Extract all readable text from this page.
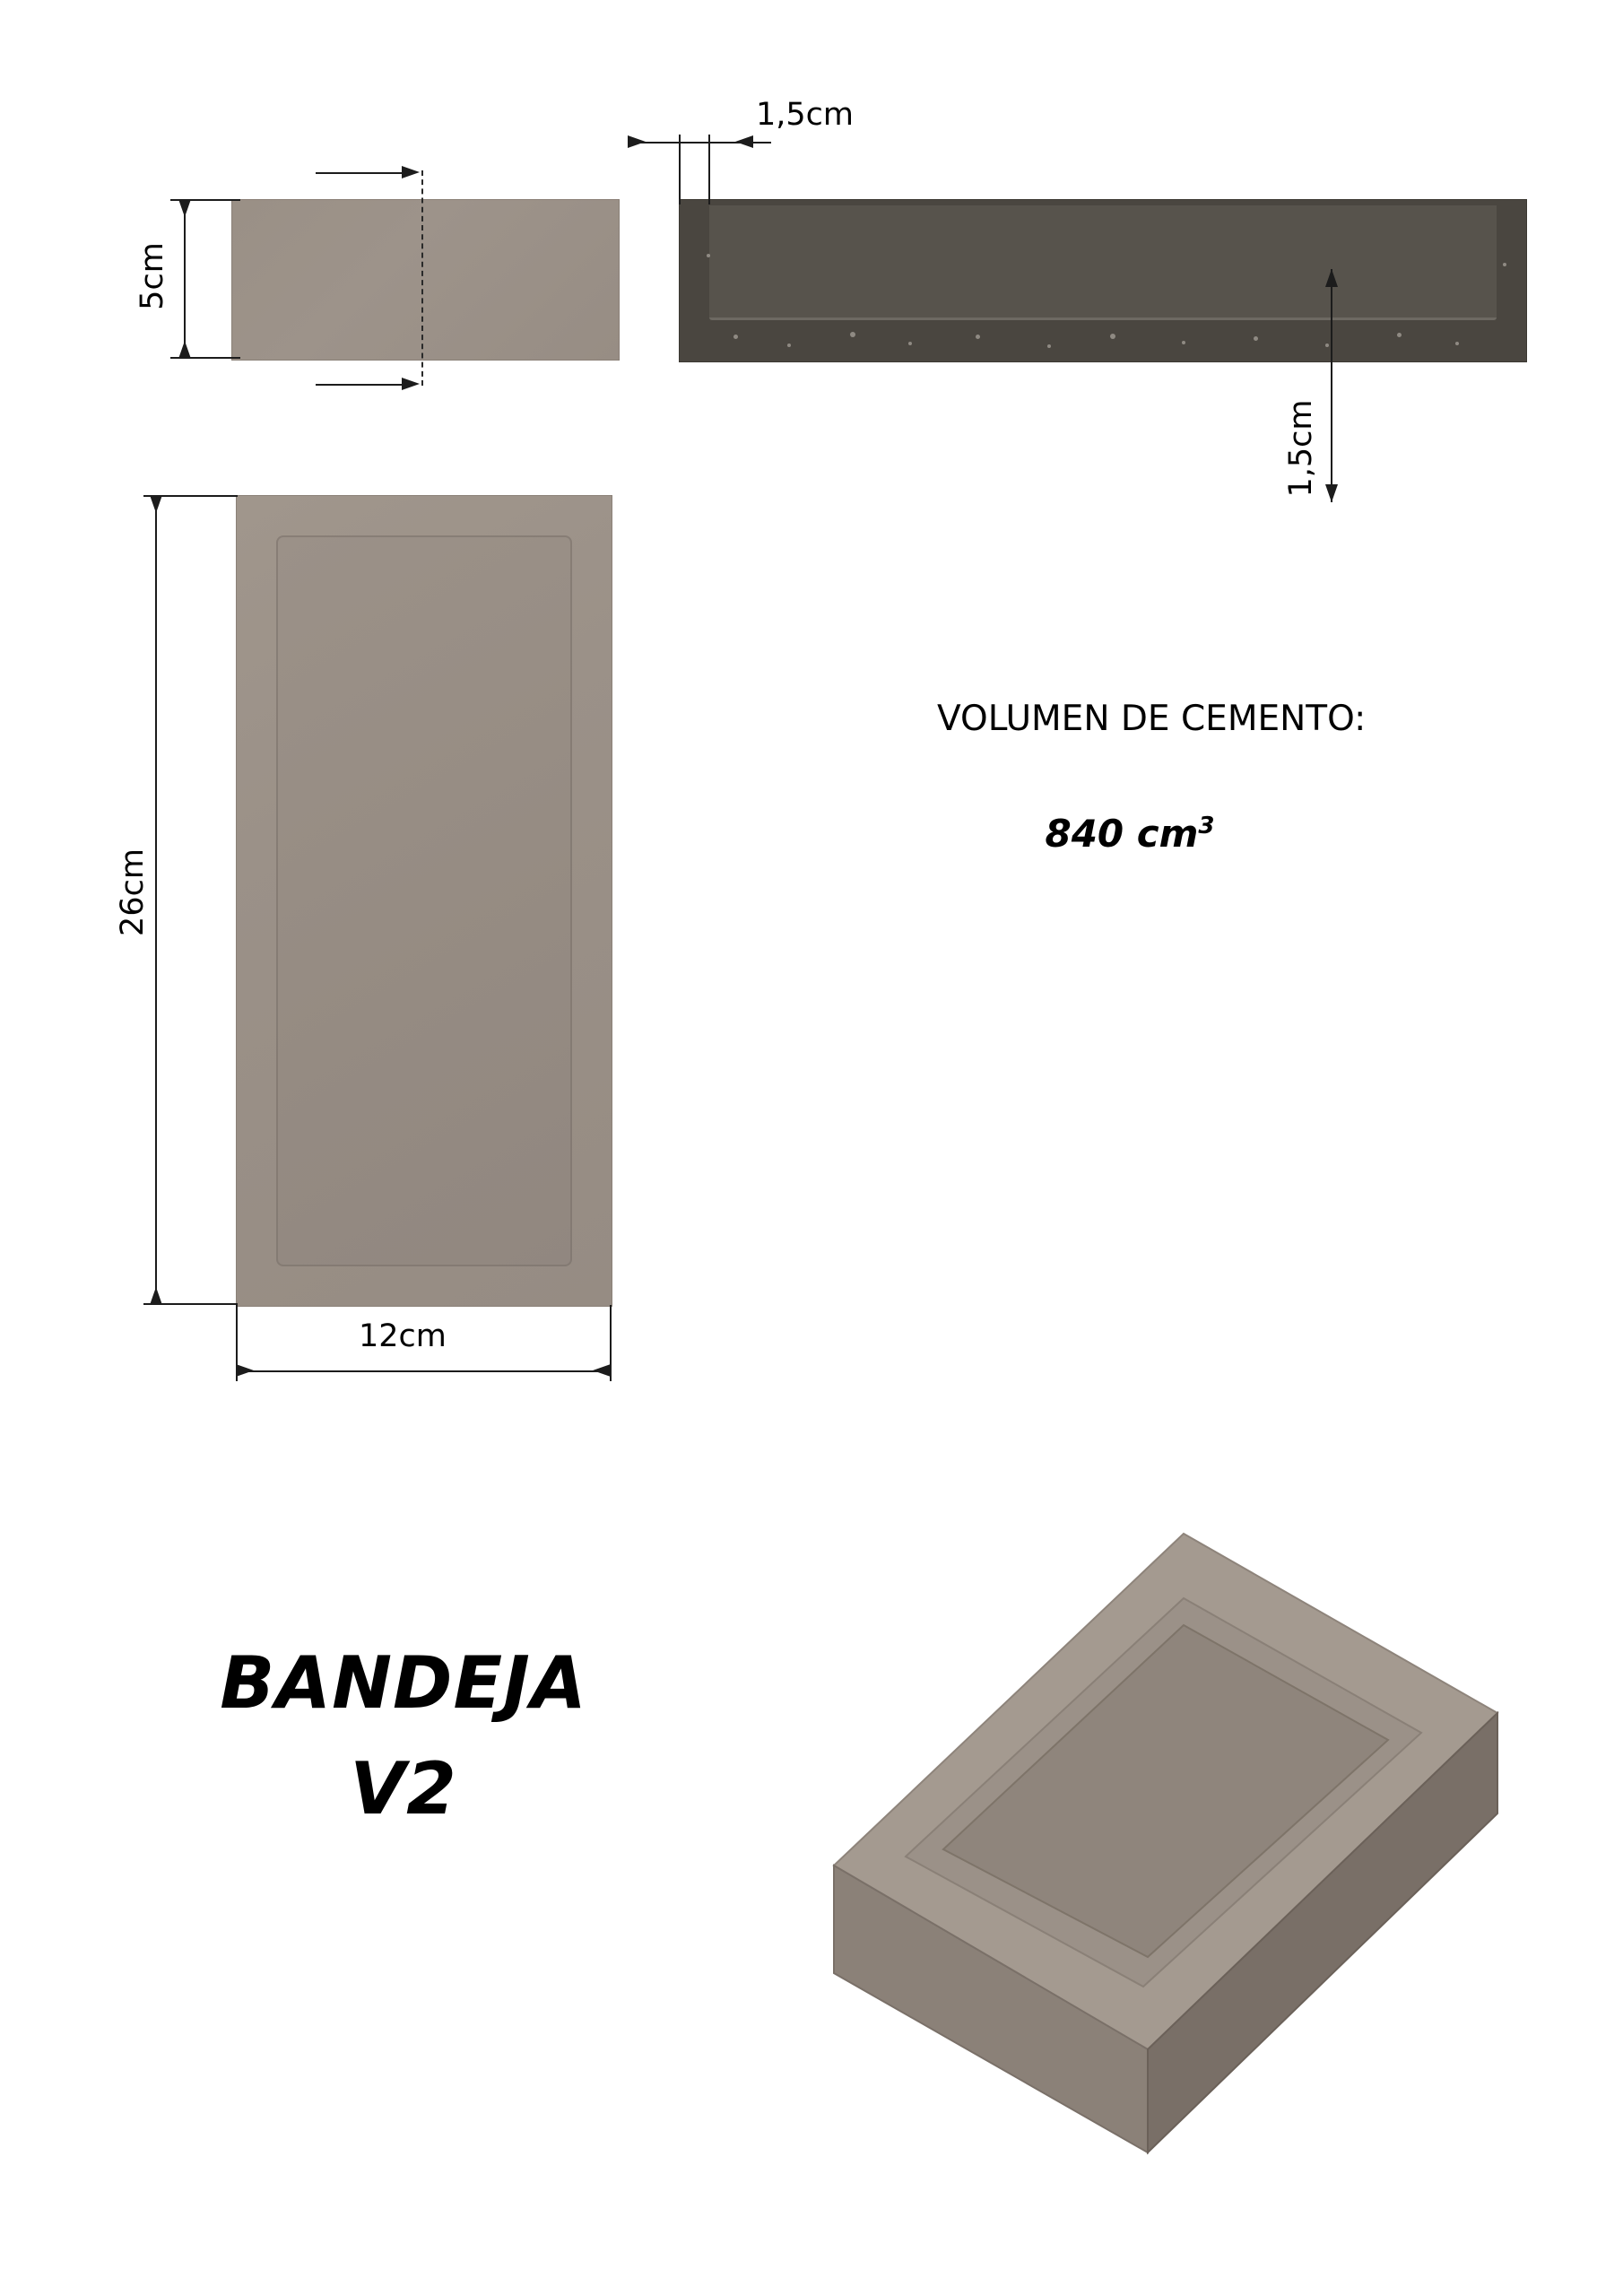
5cm
1,5cm
1,5cm
26cm
12cm
VOLUMEN DE CEMENTO:
840 $cm^3$
BANDEJA
V2
